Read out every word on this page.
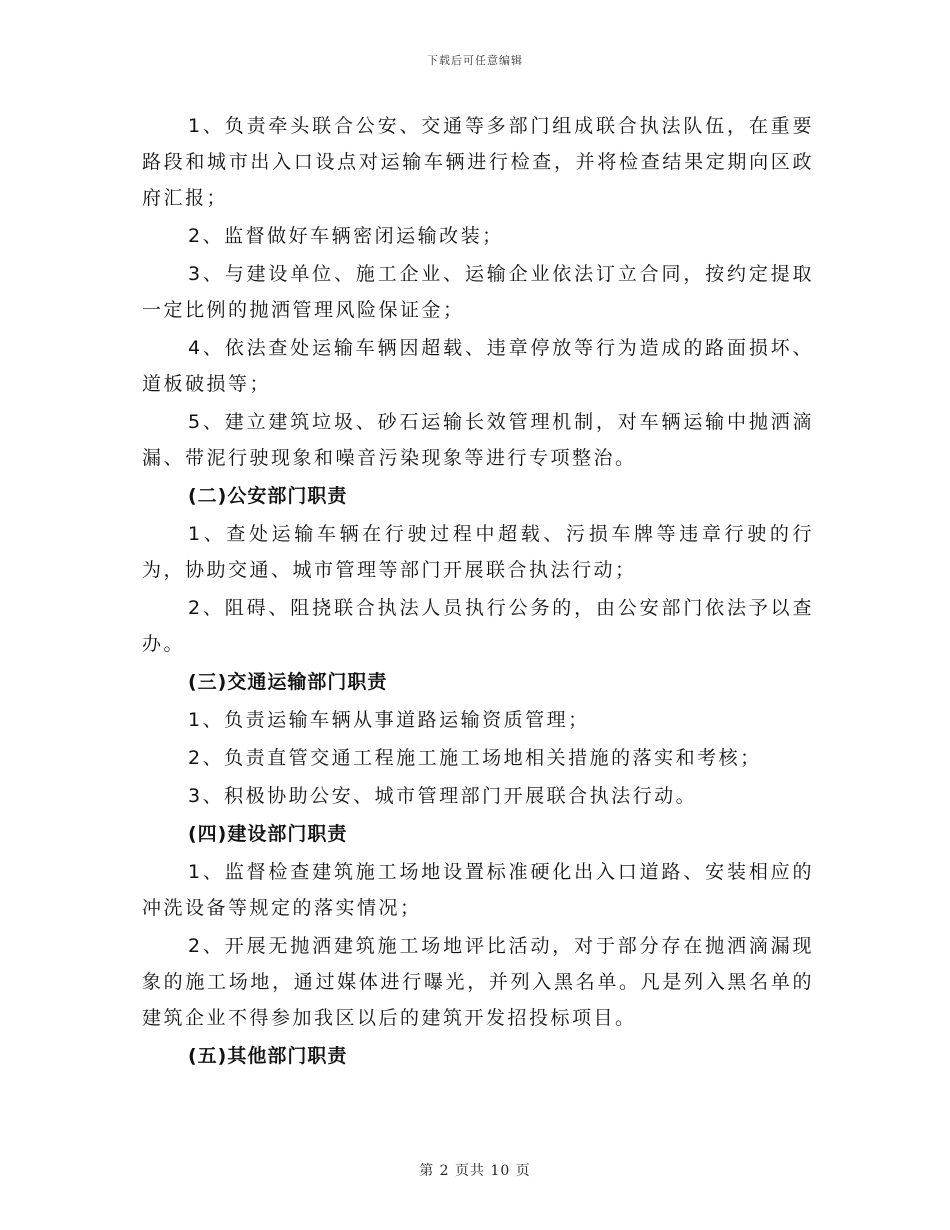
下载后可任意编辑

1、负责牵头联合公安、交通等多部门组成联合执法队伍，在重要路段和城市出入口设点对运输车辆进行检查，并将检查结果定期向区政府汇报；

2、监督做好车辆密闭运输改装；

3、与建设单位、施工企业、运输企业依法订立合同，按约定提取一定比例的抛洒管理风险保证金；

4、依法查处运输车辆因超载、违章停放等行为造成的路面损坏、道板破损等；

5、建立建筑垃圾、砂石运输长效管理机制，对车辆运输中抛洒滴漏、带泥行驶现象和噪音污染现象等进行专项整治。

(二)公安部门职责

1、查处运输车辆在行驶过程中超载、污损车牌等违章行驶的行为，协助交通、城市管理等部门开展联合执法行动；

2、阻碍、阻挠联合执法人员执行公务的，由公安部门依法予以查办。

(三)交通运输部门职责

1、负责运输车辆从事道路运输资质管理；

2、负责直管交通工程施工施工场地相关措施的落实和考核；

3、积极协助公安、城市管理部门开展联合执法行动。

(四)建设部门职责

1、监督检查建筑施工场地设置标准硬化出入口道路、安装相应的冲洗设备等规定的落实情况；

2、开展无抛洒建筑施工场地评比活动，对于部分存在抛洒滴漏现象的施工场地，通过媒体进行曝光，并列入黑名单。凡是列入黑名单的建筑企业不得参加我区以后的建筑开发招投标项目。

(五)其他部门职责

第 2 页共 10 页
